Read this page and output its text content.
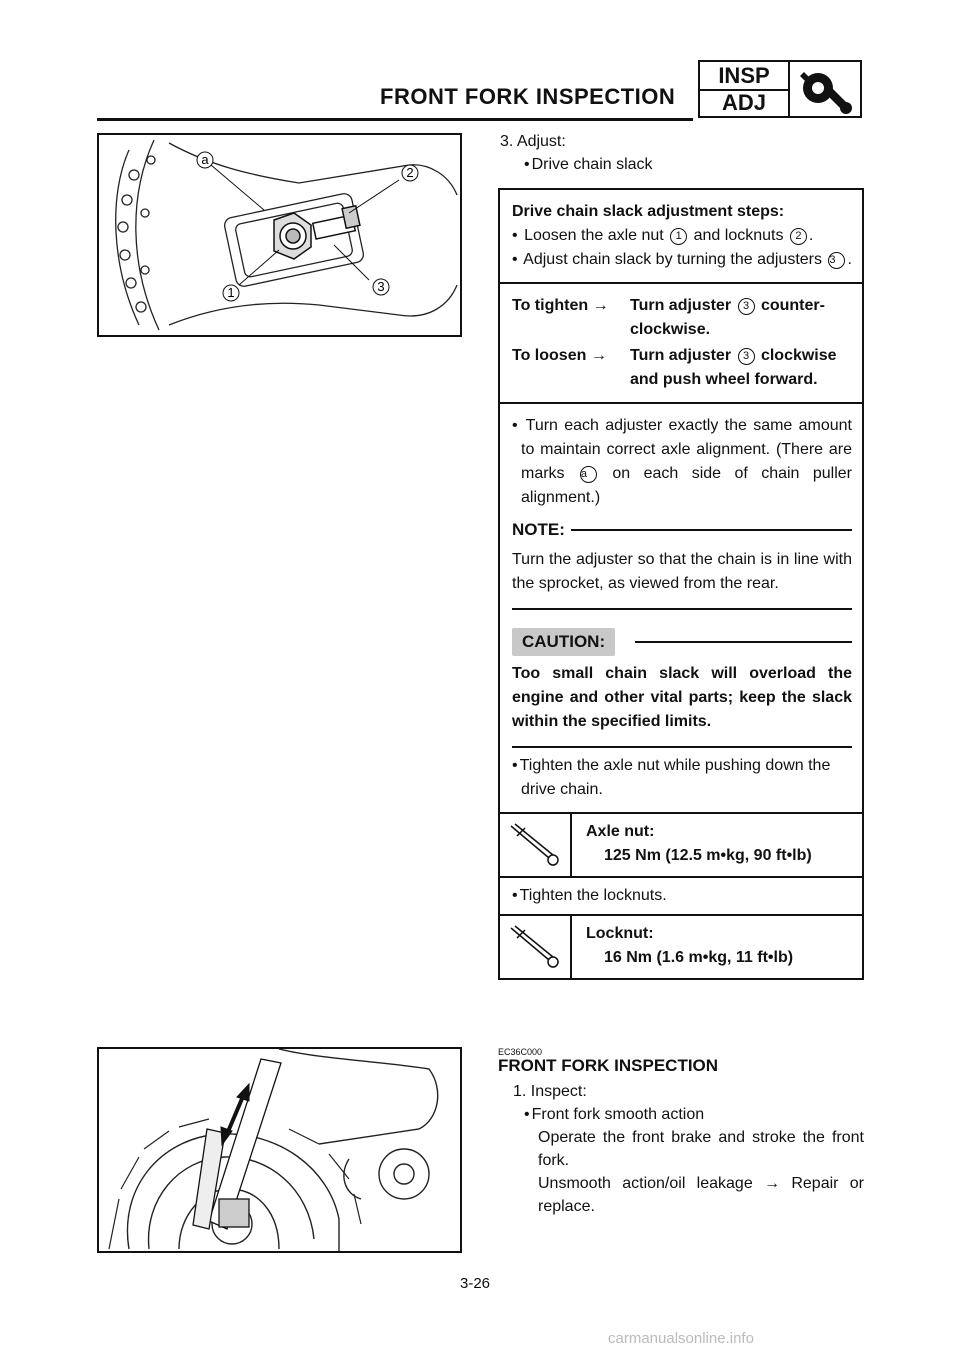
FRONT FORK INSPECTION
INSP
ADJ
a
2
1	3
3. Adjust:
• Drive chain slack
Drive chain slack adjustment steps:
• Loosen the axle nut 1 and locknuts 2 .
• Adjust chain slack by turning the adjusters 3 .
To tighten →	Turn adjuster 3 counter-clockwise.
To loosen →	Turn adjuster 3 clockwise and push wheel forward.
• Turn each adjuster exactly the same amount to maintain correct axle alignment. (There are marks a on each side of chain puller alignment.)
NOTE:
Turn the adjuster so that the chain is in line with the sprocket, as viewed from the rear.
CAUTION:
Too small chain slack will overload the engine and other vital parts; keep the slack within the specified limits.
• Tighten the axle nut while pushing down the drive chain.
Axle nut:
125 Nm (12.5 m•kg, 90 ft•lb)
• Tighten the locknuts.
Locknut:
16 Nm (1.6 m•kg, 11 ft•lb)
EC36C000
FRONT FORK INSPECTION
1. Inspect:
• Front fork smooth action
Operate the front brake and stroke the front fork.
Unsmooth action/oil leakage → Repair or replace.
3-26
carmanualsonline.info
